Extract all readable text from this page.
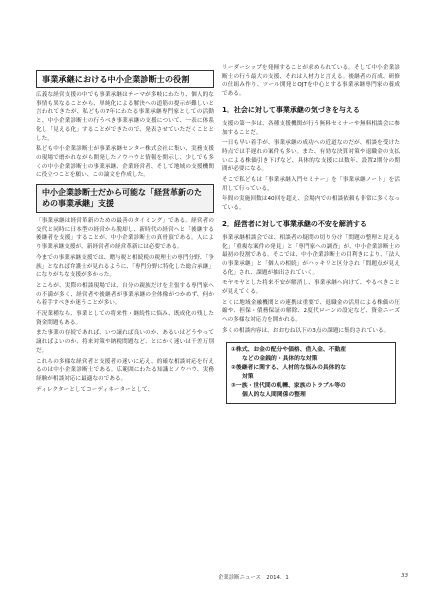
事業承継における中小企業診断士の役割

広義な経営支援の中でも事業承継はテーマが多岐にわたり、個人的な事情も異なることから、単純化による解決への道筋の提示が難しいと言われてきたが、私どもの7年にわたる事業承継専門家としての活動と、中小企業診断士の行うべき事業承継の支援について、一表に体系化し「見える化」することができたので、発表させていただくこととした。

私ども中小企業診断士が事業承継センター株式会社に集い、実務支援の現場で磨かれながら開発したノウハウと情報を開示し、少しでも多くの中小企業診断士の事業承継、企業経営者、そして地域の支援機関に役立つことを願い、この論文を作成した。

中小企業診断士だから可能な「経営革新のための事業承継」支援

「事業承継は経営革新のための最善のタイミング」である。経営者の交代と同時に日本型の経営から脱却し、新時代の経営へと「後継する後継者を支援」することが、中小企業診断士の真骨頂である。人により事業承継支援が、新経営者の経営革新には必要である。

今までの事業承継支援では、贈与税と相続税の税理士の専門分野、「争族」となれば弁護士が見れるように、「専門分野に特化した総合承継」になりがちな支援が多かった。

ところが、実際の相談現場では、自分の親族だけを主張する専門家への不満が多く、経営者や後継者が事業承継の全体像がつかめず、何から着手すべきか迷うことが多い。

不況業種なら、事業としての将来性・継続性に悩み、既成化の残した資金問題もある。

また事業の存続であれば、いつ譲れば良いのか、あるいはどうやって譲ればよいのか、将来対策や納税問題など、とにかく迷いは千差万別だ。

これらの多様な経営者と支援者の迷いに応え、的確な相談対応を行えるのは中小企業診断士である。広範囲にわたる知識とノウハウ、実務経験が相談対応に最適なのである。

ディレクターとしてコーディネーターとして、

リーダーシップを発揮することが求められている。そして中小企業診断士の行う最大の支援、それは人材力と言える。後継者の育成、研修の仕組み作り、ツール開発とOJTを中心とする事業承継専門家の養成である。

1．社会に対して事業承継の気づきを与える

支援の第一歩は、各種支援機関が行う無料セミナーや無料相談会に参加することだ。

一日も早い着手が、事業承継の成功への近道なのだが、相談を受けた時点では手遅れの案件も多い。また、有効な決算対策や退職金の支払いによる株価引き下げなど、具体的な支援には数年、設置2期分の期間が必要になる。

そこで私どもは「事業承継入門セミナー」を「事業承継ノート」を活用して行っている。

年間の実施回数は40回を超え、会場内での相談依頼も非常に多くなっている。

2．経営者に対して事業承継の不安を解消する

事業承継相談会では、相談者の疑問の切り分け「問題の整理と見える化」「重複な案件の発見」と「専門家への調査」が、中小企業診断士の最初の役割である。そこでは、中小企業診断士の目利きにより、「法人の事業承継」と「個人の相続」がハッキリと区分され「問題点が見える化」され、課題が抽出されていく。

モヤモヤとした将来不安が解消し、事業承継へ向けて、やるべきことが見えてくる。

とくに地域金融機関との連携は重要で、退職金の活用による株価の圧縮や、担保・債務保証の解除、2度代ローンの設定など、資金ニーズへの多様な対応力を開かれる。

多くの相談内容は、おおむね以下の3点の課題に集約されている。

①株式、お金の配分や価格、借入金、不動産
などの金銭的・具体的な対策
②後継者に関する、人材的な悩みの具体的な
対策
③一族・世代間の軋轢、家族のトラブル等の
個人的な人間関係の整理
企業診断ニュース　2014．1	33
